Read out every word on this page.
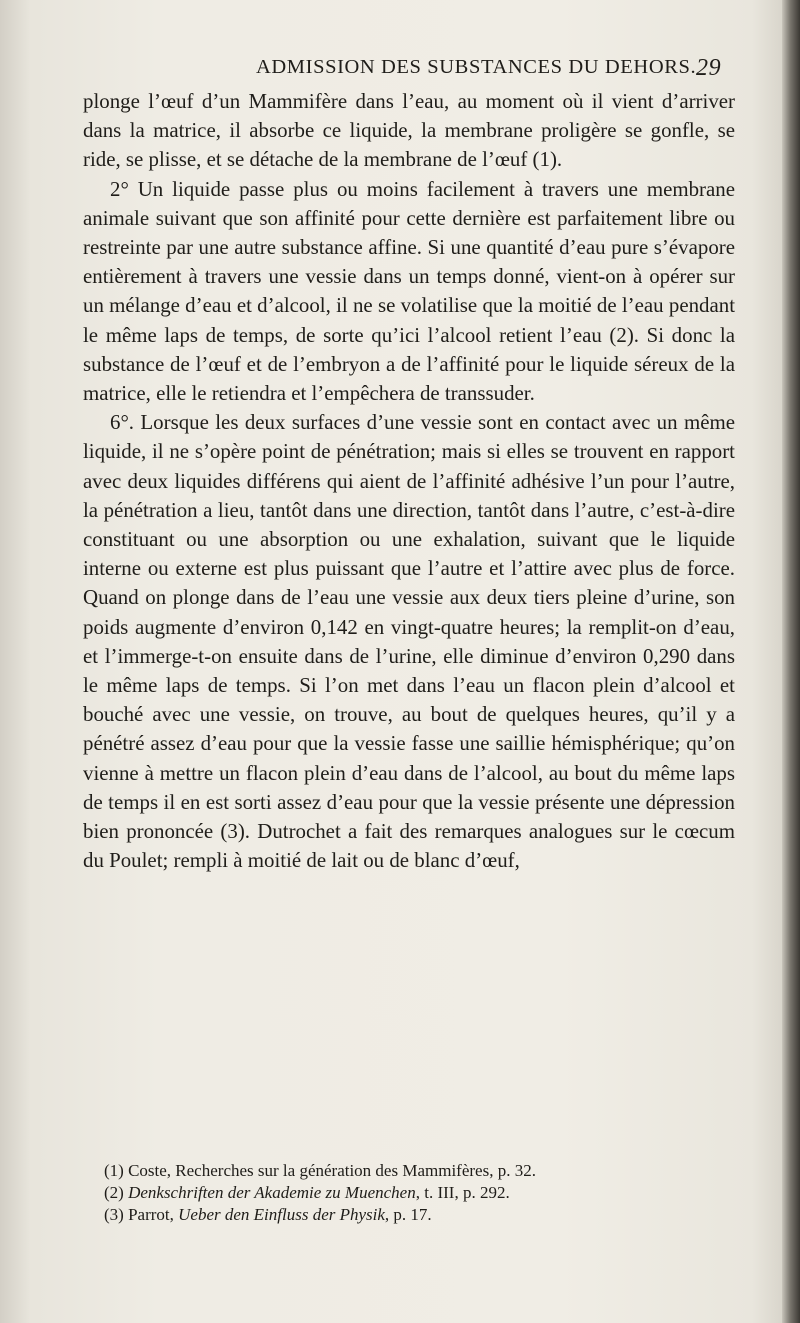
ADMISSION DES SUBSTANCES DU DEHORS. 29

plonge l’œuf d’un Mammifère dans l’eau, au moment où il vient d’arriver dans la matrice, il absorbe ce liquide, la membrane proligère se gonfle, se ride, se plisse, et se détache de la membrane de l’œuf (1).

2° Un liquide passe plus ou moins facilement à travers une membrane animale suivant que son affinité pour cette dernière est parfaitement libre ou restreinte par une autre substance affine. Si une quantité d’eau pure s’évapore entièrement à travers une vessie dans un temps donné, vient-on à opérer sur un mélange d’eau et d’alcool, il ne se volatilise que la moitié de l’eau pendant le même laps de temps, de sorte qu’ici l’alcool retient l’eau (2). Si donc la substance de l’œuf et de l’embryon a de l’affinité pour le liquide séreux de la matrice, elle le retiendra et l’empêchera de transsuder.

6°. Lorsque les deux surfaces d’une vessie sont en contact avec un même liquide, il ne s’opère point de pénétration; mais si elles se trouvent en rapport avec deux liquides différens qui aient de l’affinité adhésive l’un pour l’autre, la pénétration a lieu, tantôt dans une direction, tantôt dans l’autre, c’est-à-dire constituant ou une absorption ou une exhalation, suivant que le liquide interne ou externe est plus puissant que l’autre et l’attire avec plus de force. Quand on plonge dans de l’eau une vessie aux deux tiers pleine d’urine, son poids augmente d’environ 0,142 en vingt-quatre heures; la remplit-on d’eau, et l’immerge-t-on ensuite dans de l’urine, elle diminue d’environ 0,290 dans le même laps de temps. Si l’on met dans l’eau un flacon plein d’alcool et bouché avec une vessie, on trouve, au bout de quelques heures, qu’il y a pénétré assez d’eau pour que la vessie fasse une saillie hémisphérique; qu’on vienne à mettre un flacon plein d’eau dans de l’alcool, au bout du même laps de temps il en est sorti assez d’eau pour que la vessie présente une dépression bien prononcée (3). Dutrochet a fait des remarques analogues sur le cœcum du Poulet; rempli à moitié de lait ou de blanc d’œuf,

(1) Coste, Recherches sur la génération des Mammifères, p. 32.
(2) Denkschriften der Akademie zu Muenchen, t. III, p. 292.
(3) Parrot, Ueber den Einfluss der Physik, p. 17.
